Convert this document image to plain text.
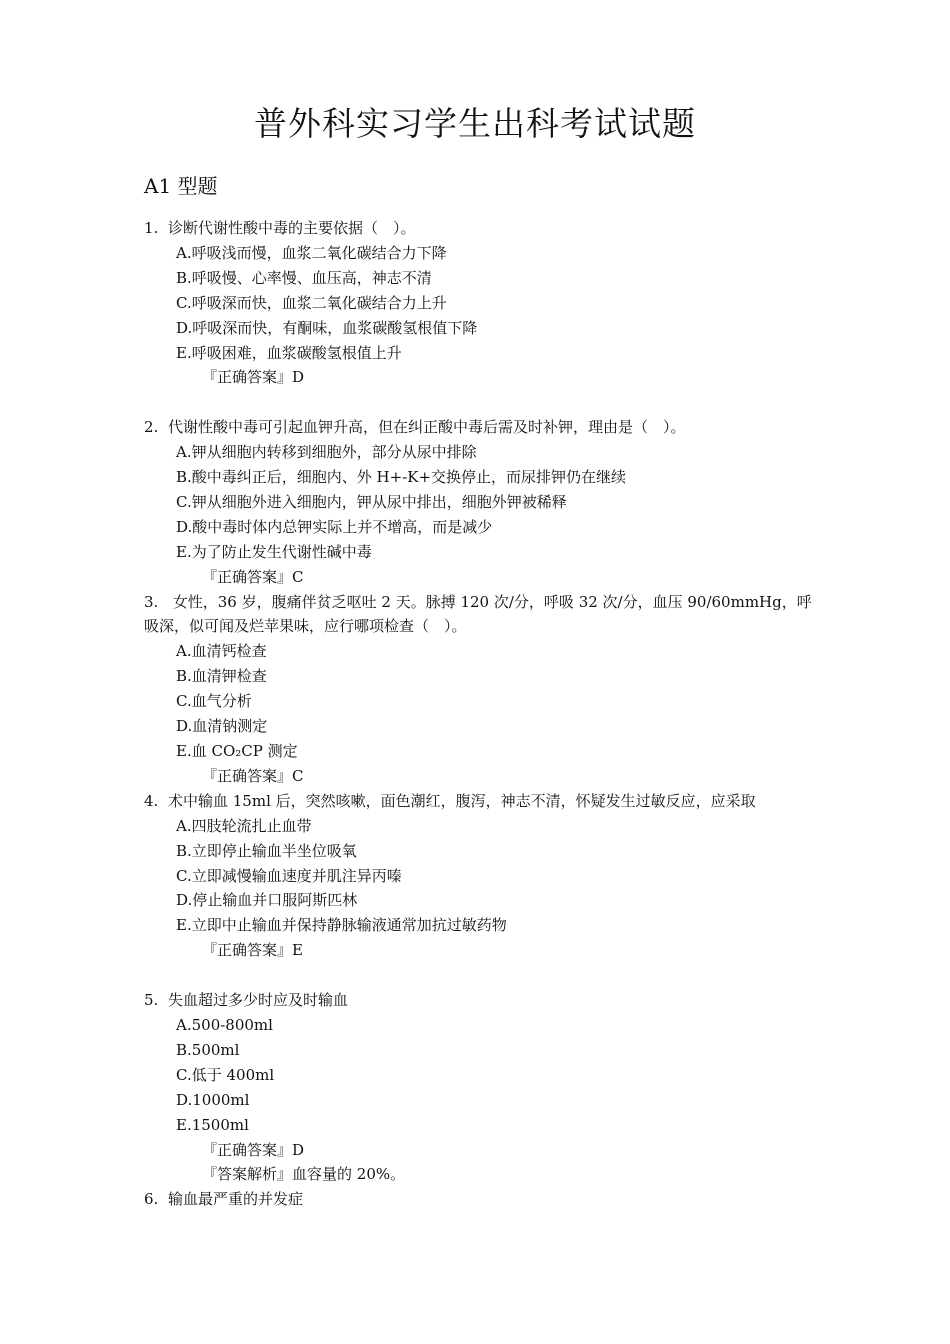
普外科实习学生出科考试试题
A1 型题
1. 诊断代谢性酸中毒的主要依据（　）。
A.呼吸浅而慢，血浆二氧化碳结合力下降
B.呼吸慢、心率慢、血压高，神志不清
C.呼吸深而快，血浆二氧化碳结合力上升
D.呼吸深而快，有酮味，血浆碳酸氢根值下降
E.呼吸困难，血浆碳酸氢根值上升
『正确答案』D
2. 代谢性酸中毒可引起血钾升高，但在纠正酸中毒后需及时补钾，理由是（　）。
A.钾从细胞内转移到细胞外，部分从尿中排除
B.酸中毒纠正后，细胞内、外 H+-K+交换停止，而尿排钾仍在继续
C.钾从细胞外进入细胞内，钾从尿中排出，细胞外钾被稀释
D.酸中毒时体内总钾实际上并不增高，而是减少
E.为了防止发生代谢性碱中毒
『正确答案』C
3. 女性，36 岁，腹痛伴贫乏呕吐 2 天。脉搏 120 次/分，呼吸 32 次/分，血压 90/60mmHg，呼吸深，似可闻及烂苹果味，应行哪项检查（　）。
A.血清钙检查
B.血清钾检查
C.血气分析
D.血清钠测定
E.血 CO₂CP 测定
『正确答案』C
4. 术中输血 15ml 后，突然咳嗽，面色潮红，腹泻，神志不清，怀疑发生过敏反应，应采取
A.四肢轮流扎止血带
B.立即停止输血半坐位吸氧
C.立即减慢输血速度并肌注异丙嗪
D.停止输血并口服阿斯匹林
E.立即中止输血并保持静脉输液通常加抗过敏药物
『正确答案』E
5. 失血超过多少时应及时输血
A.500-800ml
B.500ml
C.低于 400ml
D.1000ml
E.1500ml
『正确答案』D
『答案解析』血容量的 20%。
6. 输血最严重的并发症
